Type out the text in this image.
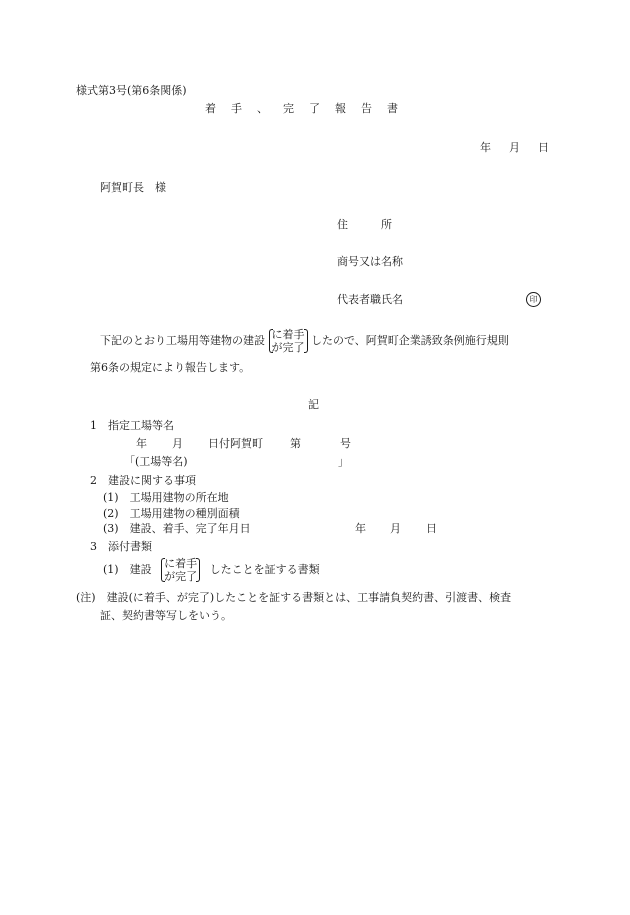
様式第3号(第6条関係)
着手、完了報告書
年 月 日
阿賀町長　様
住　　　所
商号又は名称
代表者職氏名	印
下記のとおり工場用等建物の建設 に着手
が完了
したので、阿賀町企業誘致条例施行規則
第6条の規定により報告します。
記
1　指定工場等名
年 月 日付阿賀町 第	号
「(工場等名)	」
2　建設に関する事項
(1)　工場用建物の所在地
(2)　工場用建物の種別面積
(3)　建設、着手、完了年月日	年 月 日
3　添付書類
(1)　建設 に着手
が完了
したことを証する書類
(注)　建設(に着手、が完了)したことを証する書類とは、工事請負契約書、引渡書、検査
証、契約書等写しをいう。
